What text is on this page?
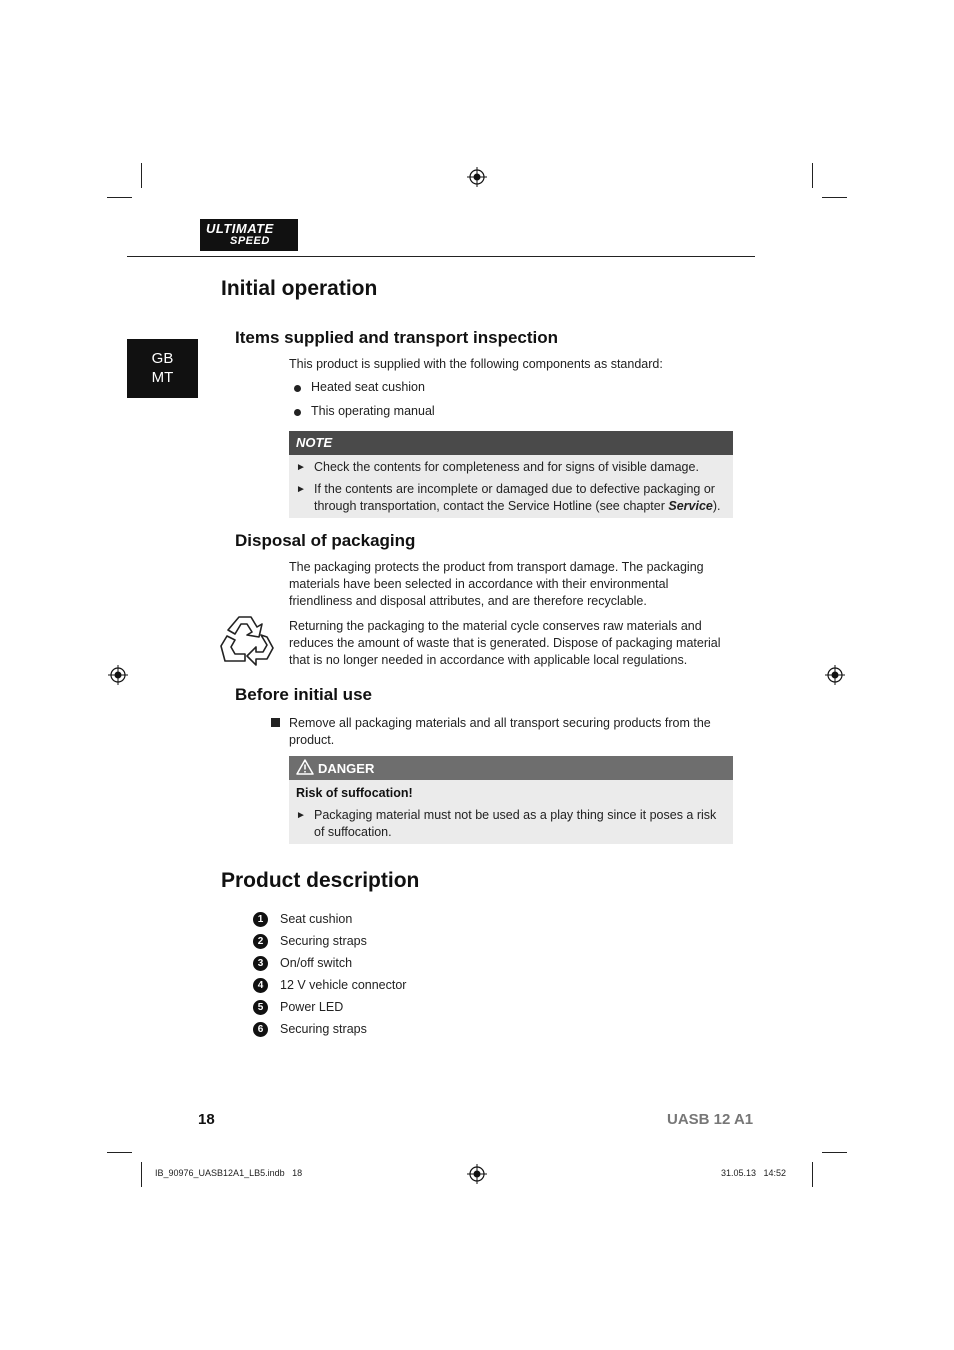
ULTIMATE
SPEED
GB
MT
Initial operation
Items supplied and transport inspection
This product is supplied with the following components as standard:
Heated seat cushion
This operating manual
NOTE
► Check the contents for completeness and for signs of visible damage.
► If the contents are incomplete or damaged due to defective packaging or through transportation, contact the Service Hotline (see chapter Service).
Disposal of packaging
The packaging protects the product from transport damage. The packaging materials have been selected in accordance with their environmental friendliness and disposal attributes, and are therefore recyclable.
Returning the packaging to the material cycle conserves raw materials and reduces the amount of waste that is generated. Dispose of packaging material that is no longer needed in accordance with applicable local regulations.
Before initial use
Remove all packaging materials and all transport securing products from the product.
DANGER
Risk of suffocation!
► Packaging material must not be used as a play thing since it poses a risk of suffocation.
Product description
1	Seat cushion
2	Securing straps
3	On/off switch
4	12 V vehicle connector
5	Power LED
6	Securing straps
18	UASB 12 A1
IB_90976_UASB12A1_LB5.indb   18	31.05.13   14:52
